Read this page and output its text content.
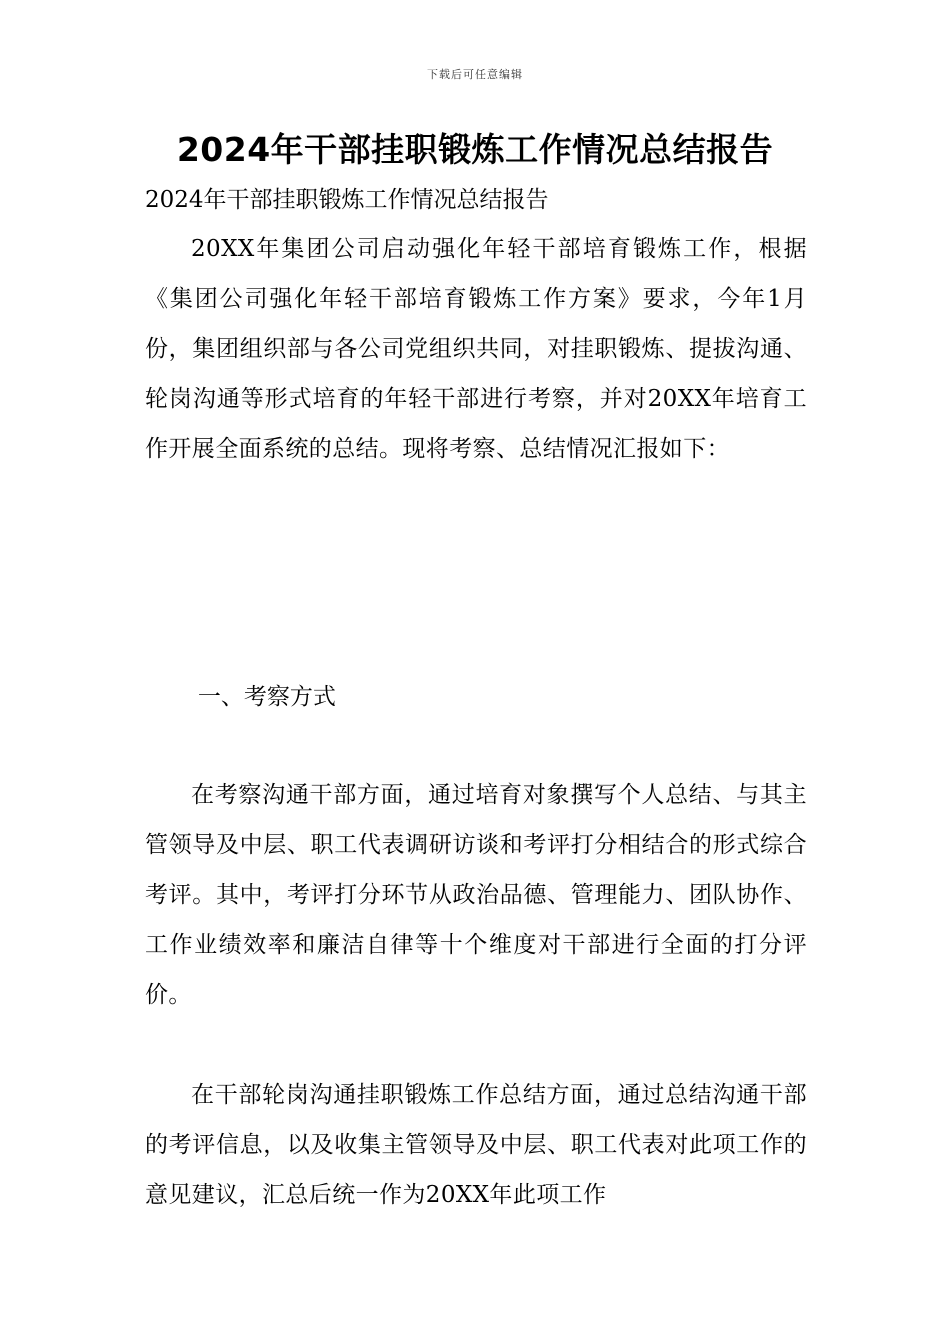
下载后可任意编辑
2024年干部挂职锻炼工作情况总结报告

2024年干部挂职锻炼工作情况总结报告

20XX年集团公司启动强化年轻干部培育锻炼工作，根据《集团公司强化年轻干部培育锻炼工作方案》要求，今年1月份，集团组织部与各公司党组织共同，对挂职锻炼、提拔沟通、轮岗沟通等形式培育的年轻干部进行考察，并对20XX年培育工作开展全面系统的总结。现将考察、总结情况汇报如下：

一、考察方式

在考察沟通干部方面，通过培育对象撰写个人总结、与其主管领导及中层、职工代表调研访谈和考评打分相结合的形式综合考评。其中，考评打分环节从政治品德、管理能力、团队协作、工作业绩效率和廉洁自律等十个维度对干部进行全面的打分评价。

在干部轮岗沟通挂职锻炼工作总结方面，通过总结沟通干部的考评信息，以及收集主管领导及中层、职工代表对此项工作的意见建议，汇总后统一作为20XX年此项工作
